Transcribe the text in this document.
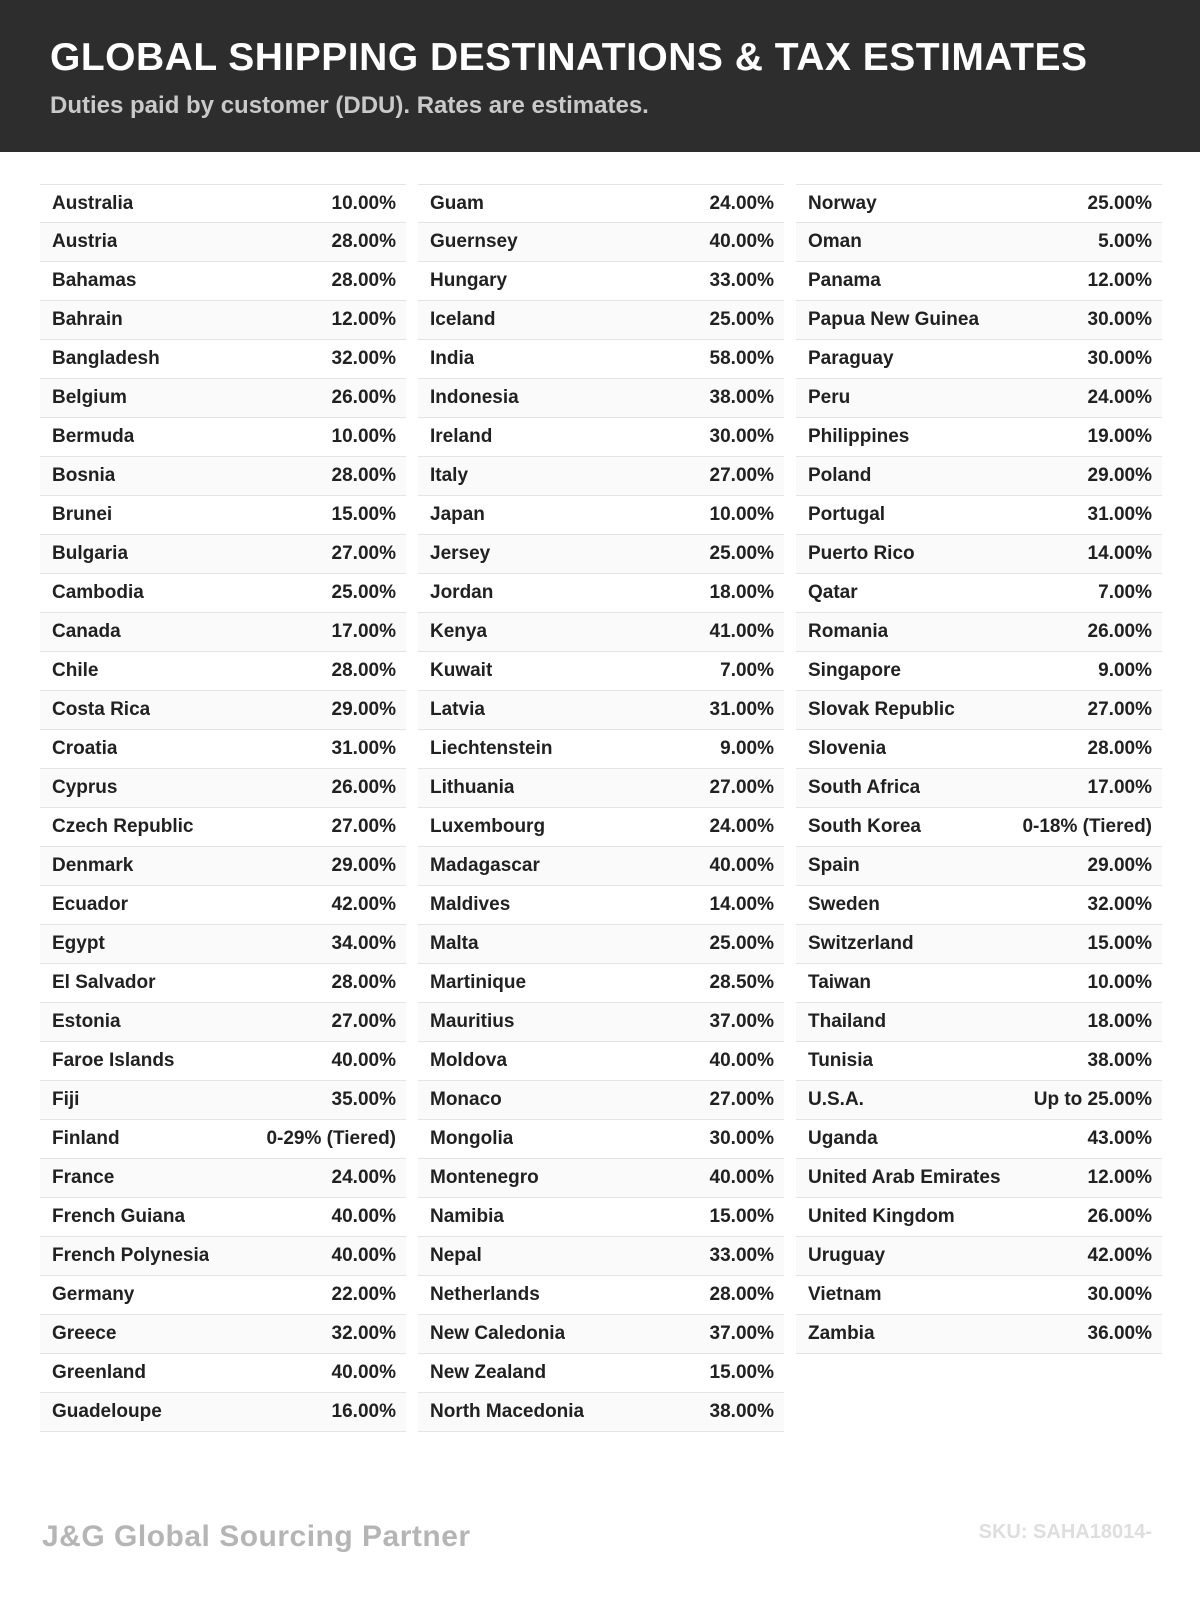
GLOBAL SHIPPING DESTINATIONS & TAX ESTIMATES
Duties paid by customer (DDU). Rates are estimates.
Australia	10.00%
Austria	28.00%
Bahamas	28.00%
Bahrain	12.00%
Bangladesh	32.00%
Belgium	26.00%
Bermuda	10.00%
Bosnia	28.00%
Brunei	15.00%
Bulgaria	27.00%
Cambodia	25.00%
Canada	17.00%
Chile	28.00%
Costa Rica	29.00%
Croatia	31.00%
Cyprus	26.00%
Czech Republic	27.00%
Denmark	29.00%
Ecuador	42.00%
Egypt	34.00%
El Salvador	28.00%
Estonia	27.00%
Faroe Islands	40.00%
Fiji	35.00%
Finland	0-29% (Tiered)
France	24.00%
French Guiana	40.00%
French Polynesia	40.00%
Germany	22.00%
Greece	32.00%
Greenland	40.00%
Guadeloupe	16.00%
Guam	24.00%
Guernsey	40.00%
Hungary	33.00%
Iceland	25.00%
India	58.00%
Indonesia	38.00%
Ireland	30.00%
Italy	27.00%
Japan	10.00%
Jersey	25.00%
Jordan	18.00%
Kenya	41.00%
Kuwait	7.00%
Latvia	31.00%
Liechtenstein	9.00%
Lithuania	27.00%
Luxembourg	24.00%
Madagascar	40.00%
Maldives	14.00%
Malta	25.00%
Martinique	28.50%
Mauritius	37.00%
Moldova	40.00%
Monaco	27.00%
Mongolia	30.00%
Montenegro	40.00%
Namibia	15.00%
Nepal	33.00%
Netherlands	28.00%
New Caledonia	37.00%
New Zealand	15.00%
North Macedonia	38.00%
Norway	25.00%
Oman	5.00%
Panama	12.00%
Papua New Guinea	30.00%
Paraguay	30.00%
Peru	24.00%
Philippines	19.00%
Poland	29.00%
Portugal	31.00%
Puerto Rico	14.00%
Qatar	7.00%
Romania	26.00%
Singapore	9.00%
Slovak Republic	27.00%
Slovenia	28.00%
South Africa	17.00%
South Korea	0-18% (Tiered)
Spain	29.00%
Sweden	32.00%
Switzerland	15.00%
Taiwan	10.00%
Thailand	18.00%
Tunisia	38.00%
U.S.A.	Up to 25.00%
Uganda	43.00%
United Arab Emirates	12.00%
United Kingdom	26.00%
Uruguay	42.00%
Vietnam	30.00%
Zambia	36.00%
J&G Global Sourcing Partner	SKU: SAHA18014-
